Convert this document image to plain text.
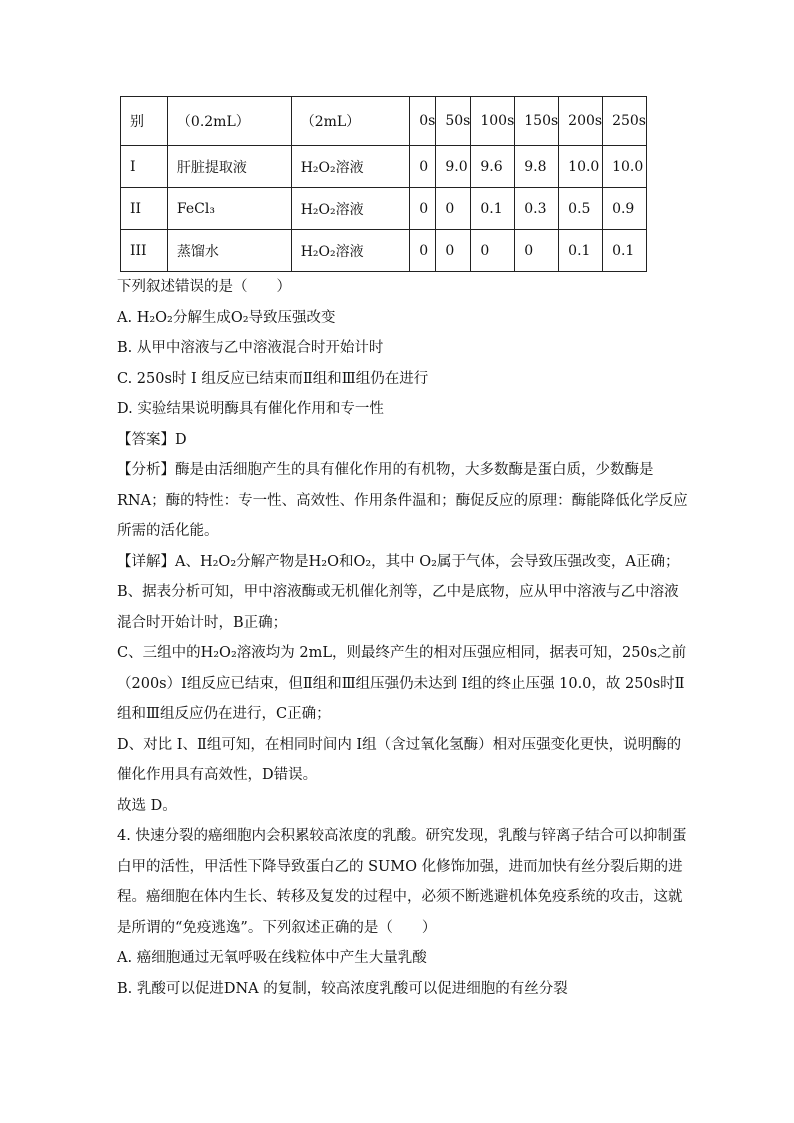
别	（0.2mL）	（2mL）	0s	50s	100s	150s	200s	250s
I	肝脏提取液	H₂O₂溶液	0	9.0	9.6	9.8	10.0	10.0
II	FeCl₃	H₂O₂溶液	0	0	0.1	0.3	0.5	0.9
III	蒸馏水	H₂O₂溶液	0	0	0	0	0.1	0.1
下列叙述错误的是（　　）
A. H₂O₂分解生成O₂导致压强改变
B. 从甲中溶液与乙中溶液混合时开始计时
C. 250s时 I 组反应已结束而Ⅱ组和Ⅲ组仍在进行
D. 实验结果说明酶具有催化作用和专一性
【答案】D
【分析】酶是由活细胞产生的具有催化作用的有机物，大多数酶是蛋白质，少数酶是
RNA；酶的特性：专一性、高效性、作用条件温和；酶促反应的原理：酶能降低化学反应
所需的活化能。
【详解】A、H₂O₂分解产物是H₂O和O₂，其中 O₂属于气体，会导致压强改变，A正确；
B、据表分析可知，甲中溶液酶或无机催化剂等，乙中是底物，应从甲中溶液与乙中溶液
混合时开始计时，B正确；
C、三组中的H₂O₂溶液均为 2mL，则最终产生的相对压强应相同，据表可知，250s之前
（200s）I组反应已结束，但Ⅱ组和Ⅲ组压强仍未达到 I组的终止压强 10.0，故 250s时Ⅱ
组和Ⅲ组反应仍在进行，C正确；
D、对比 I、Ⅱ组可知，在相同时间内 I组（含过氧化氢酶）相对压强变化更快，说明酶的
催化作用具有高效性，D错误。
故选 D。
4. 快速分裂的癌细胞内会积累较高浓度的乳酸。研究发现，乳酸与锌离子结合可以抑制蛋
白甲的活性，甲活性下降导致蛋白乙的 SUMO 化修饰加强，进而加快有丝分裂后期的进
程。癌细胞在体内生长、转移及复发的过程中，必须不断逃避机体免疫系统的攻击，这就
是所谓的“免疫逃逸”。下列叙述正确的是（　　）
A. 癌细胞通过无氧呼吸在线粒体中产生大量乳酸
B. 乳酸可以促进DNA 的复制，较高浓度乳酸可以促进细胞的有丝分裂
